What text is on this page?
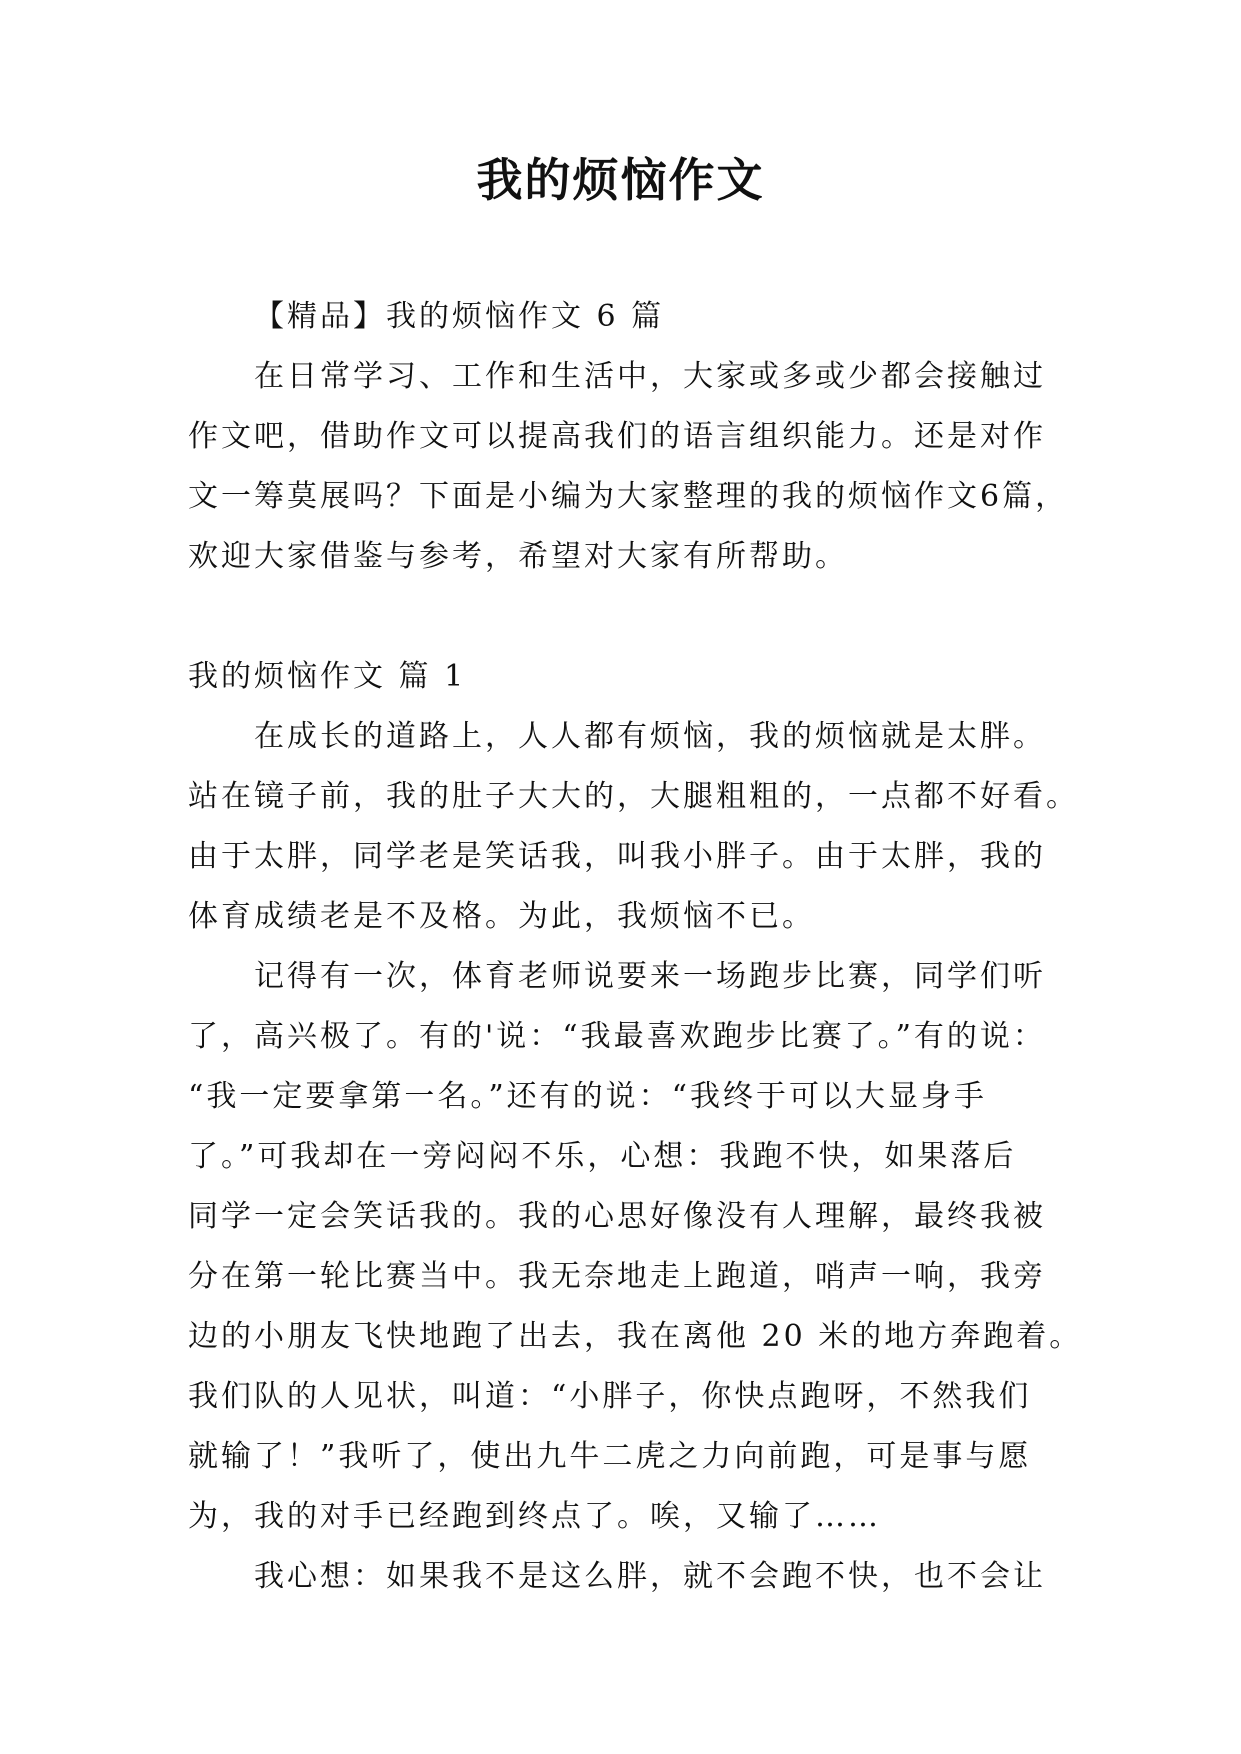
我的烦恼作文
【精品】我的烦恼作文 6 篇
在日常学习、工作和生活中，大家或多或少都会接触过
作文吧，借助作文可以提高我们的语言组织能力。还是对作
文一筹莫展吗？下面是小编为大家整理的我的烦恼作文6篇，
欢迎大家借鉴与参考，希望对大家有所帮助。
我的烦恼作文 篇 1
在成长的道路上，人人都有烦恼，我的烦恼就是太胖。
站在镜子前，我的肚子大大的，大腿粗粗的，一点都不好看。
由于太胖，同学老是笑话我，叫我小胖子。由于太胖，我的
体育成绩老是不及格。为此，我烦恼不已。
记得有一次，体育老师说要来一场跑步比赛，同学们听
了，高兴极了。有的'说：“我最喜欢跑步比赛了。”有的说：
“我一定要拿第一名。”还有的说：“我终于可以大显身手
了。”可我却在一旁闷闷不乐，心想：我跑不快，如果落后
同学一定会笑话我的。我的心思好像没有人理解，最终我被
分在第一轮比赛当中。我无奈地走上跑道，哨声一响，我旁
边的小朋友飞快地跑了出去，我在离他 20 米的地方奔跑着。
我们队的人见状，叫道：“小胖子，你快点跑呀，不然我们
就输了！”我听了，使出九牛二虎之力向前跑，可是事与愿
为，我的对手已经跑到终点了。唉，又输了……
我心想：如果我不是这么胖，就不会跑不快，也不会让
